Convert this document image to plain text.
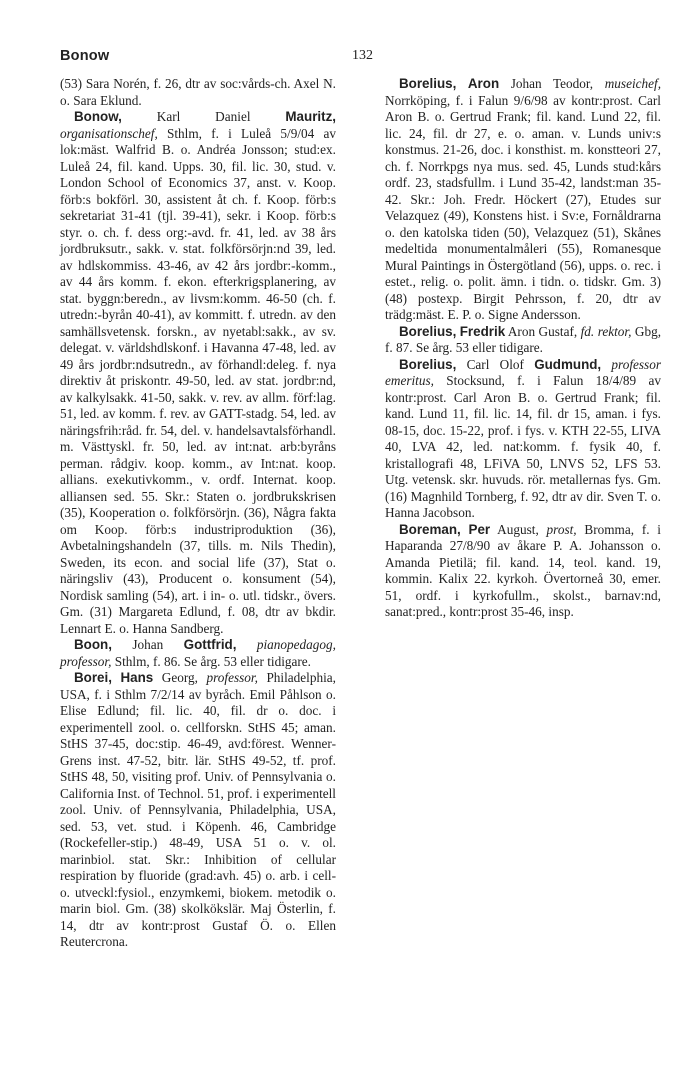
Bonow	132

(53) Sara Norén, f. 26, dtr av soc:vårds-ch. Axel N. o. Sara Eklund.

Bonow, Karl Daniel Mauritz, organisationschef, Sthlm, f. i Luleå 5/9/04 av lok:mäst. Walfrid B. o. Andréa Jonsson; stud:ex. Luleå 24, fil. kand. Upps. 30, fil. lic. 30, stud. v. London School of Economics 37, anst. v. Koop. förb:s bokförl. 30, assistent åt ch. f. Koop. förb:s sekretariat 31-41 (tjl. 39-41), sekr. i Koop. förb:s styr. o. ch. f. dess org:-avd. fr. 41, led. av 38 års jordbruksutr., sakk. v. stat. folkförsörjn:nd 39, led. av hdlskommiss. 43-46, av 42 års jordbr:-komm., av 44 års komm. f. ekon. efterkrigsplanering, av stat. byggn:beredn., av livsm:komm. 46-50 (ch. f. utredn:-byrån 40-41), av kommitt. f. utredn. av den samhällsvetensk. forskn., av nyetabl:sakk., av sv. delegat. v. världshdlskonf. i Havanna 47-48, led. av 49 års jordbr:ndsutredn., av förhandl:deleg. f. nya direktiv åt priskontr. 49-50, led. av stat. jordbr:nd, av kalkylsakk. 41-50, sakk. v. rev. av allm. förf:lag. 51, led. av komm. f. rev. av GATT-stadg. 54, led. av näringsfrih:råd. fr. 54, del. v. handelsavtalsförhandl. m. Västtyskl. fr. 50, led. av int:nat. arb:byråns perman. rådgiv. koop. komm., av Int:nat. koop. allians. exekutivkomm., v. ordf. Internat. koop. alliansen sed. 55. Skr.: Staten o. jordbrukskrisen (35), Kooperation o. folkförsörjn. (36), Några fakta om Koop. förb:s industriproduktion (36), Avbetalningshandeln (37, tills. m. Nils Thedin), Sweden, its econ. and social life (37), Stat o. näringsliv (43), Producent o. konsument (54), Nordisk samling (54), art. i in- o. utl. tidskr., övers. Gm. (31) Margareta Edlund, f. 08, dtr av bkdir. Lennart E. o. Hanna Sandberg.

Boon, Johan Gottfrid, pianopedagog, professor, Sthlm, f. 86. Se årg. 53 eller tidigare.

Borei, Hans Georg, professor, Philadelphia, USA, f. i Sthlm 7/2/14 av byråch. Emil Påhlson o. Elise Edlund; fil. lic. 40, fil. dr o. doc. i experimentell zool. o. cellforskn. StHS 45; aman. StHS 37-45, doc:stip. 46-49, avd:förest. Wenner-Grens inst. 47-52, bitr. lär. StHS 49-52, tf. prof. StHS 48, 50, visiting prof. Univ. of Pennsylvania o. California Inst. of Technol. 51, prof. i experimentell zool. Univ. of Pennsylvania, Philadelphia, USA, sed. 53, vet. stud. i Köpenh. 46, Cambridge (Rockefeller-stip.) 48-49, USA 51 o. v. ol. marinbiol. stat. Skr.: Inhibition of cellular respiration by fluoride (grad:avh. 45) o. arb. i cell-o. utveckl:fysiol., enzymkemi, biokem. metodik o. marin biol. Gm. (38) skolkökslär. Maj Österlin, f. 14, dtr av kontr:prost Gustaf Ö. o. Ellen Reutercrona.

Borelius, Aron Johan Teodor, museichef, Norrköping, f. i Falun 9/6/98 av kontr:prost. Carl Aron B. o. Gertrud Frank; fil. kand. Lund 22, fil. lic. 24, fil. dr 27, e. o. aman. v. Lunds univ:s konstmus. 21-26, doc. i konsthist. m. konstteori 27, ch. f. Norrkpgs nya mus. sed. 45, Lunds stud:kårs ordf. 23, stadsfullm. i Lund 35-42, landst:man 35-42. Skr.: Joh. Fredr. Höckert (27), Etudes sur Velazquez (49), Konstens hist. i Sv:e, Fornåldrarna o. den katolska tiden (50), Velazquez (51), Skånes medeltida monumentalmåleri (55), Romanesque Mural Paintings in Östergötland (56), upps. o. rec. i estet., relig. o. polit. ämn. i tidn. o. tidskr. Gm. 3) (48) postexp. Birgit Pehrsson, f. 20, dtr av trädg:mäst. E. P. o. Signe Andersson.

Borelius, Fredrik Aron Gustaf, fd. rektor, Gbg, f. 87. Se årg. 53 eller tidigare.

Borelius, Carl Olof Gudmund, professor emeritus, Stocksund, f. i Falun 18/4/89 av kontr:prost. Carl Aron B. o. Gertrud Frank; fil. kand. Lund 11, fil. lic. 14, fil. dr 15, aman. i fys. 08-15, doc. 15-22, prof. i fys. v. KTH 22-55, LIVA 40, LVA 42, led. nat:komm. f. fysik 40, f. kristallografi 48, LFiVA 50, LNVS 52, LFS 53. Utg. vetensk. skr. huvuds. rör. metallernas fys. Gm. (16) Magnhild Tornberg, f. 92, dtr av dir. Sven T. o. Hanna Jacobson.

Boreman, Per August, prost, Bromma, f. i Haparanda 27/8/90 av åkare P. A. Johansson o. Amanda Pietilä; fil. kand. 14, teol. kand. 19, kommin. Kalix 22. kyrkoh. Övertorneå 30, emer. 51, ordf. i kyrkofullm., skolst., barnav:nd, sanat:pred., kontr:prost 35-46, insp.
